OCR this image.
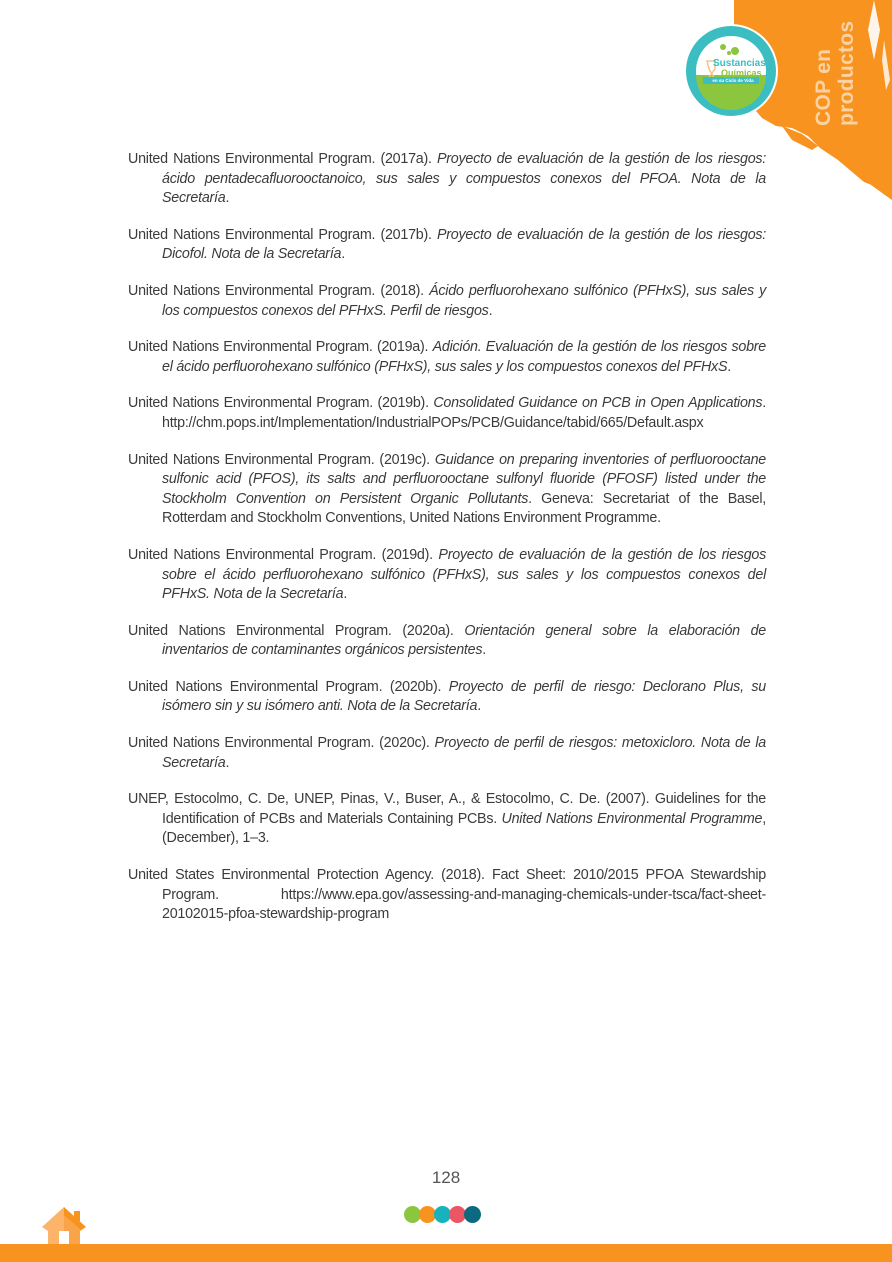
COP en productos
Sustancias
Químicas
en su Ciclo de Vida

United Nations Environmental Program. (2017a). Proyecto de evaluación de la gestión de los riesgos: ácido pentadecafluorooctanoico, sus sales y compuestos conexos del PFOA. Nota de la Secretaría.

United Nations Environmental Program. (2017b). Proyecto de evaluación de la gestión de los riesgos: Dicofol. Nota de la Secretaría.

United Nations Environmental Program. (2018). Ácido perfluorohexano sulfónico (PFHxS), sus sales y los compuestos conexos del PFHxS. Perfil de riesgos.

United Nations Environmental Program. (2019a). Adición. Evaluación de la gestión de los riesgos sobre el ácido perfluorohexano sulfónico (PFHxS), sus sales y los compuestos conexos del PFHxS.

United Nations Environmental Program. (2019b). Consolidated Guidance on PCB in Open Applications. http://chm.pops.int/Implementation/IndustrialPOPs/PCB/Guidance/tabid/665/Default.aspx

United Nations Environmental Program. (2019c). Guidance on preparing inventories of perfluorooctane sulfonic acid (PFOS), its salts and perfluorooctane sulfonyl fluoride (PFOSF) listed under the Stockholm Convention on Persistent Organic Pollutants. Geneva: Secretariat of the Basel, Rotterdam and Stockholm Conventions, United Nations Environment Programme.

United Nations Environmental Program. (2019d). Proyecto de evaluación de la gestión de los riesgos sobre el ácido perfluorohexano sulfónico (PFHxS), sus sales y los compuestos conexos del PFHxS. Nota de la Secretaría.

United Nations Environmental Program. (2020a). Orientación general sobre la elaboración de inventarios de contaminantes orgánicos persistentes.

United Nations Environmental Program. (2020b). Proyecto de perfil de riesgo: Declorano Plus, su isómero sin y su isómero anti. Nota de la Secretaría.

United Nations Environmental Program. (2020c). Proyecto de perfil de riesgos: metoxicloro. Nota de la Secretaría.

UNEP, Estocolmo, C. De, UNEP, Pinas, V., Buser, A., & Estocolmo, C. De. (2007). Guidelines for the Identification of PCBs and Materials Containing PCBs. United Nations Environmental Programme, (December), 1–3.

United States Environmental Protection Agency. (2018). Fact Sheet: 2010/2015 PFOA Stewardship Program. https://www.epa.gov/assessing-and-managing-chemicals-under-tsca/fact-sheet-20102015-pfoa-stewardship-program

128
